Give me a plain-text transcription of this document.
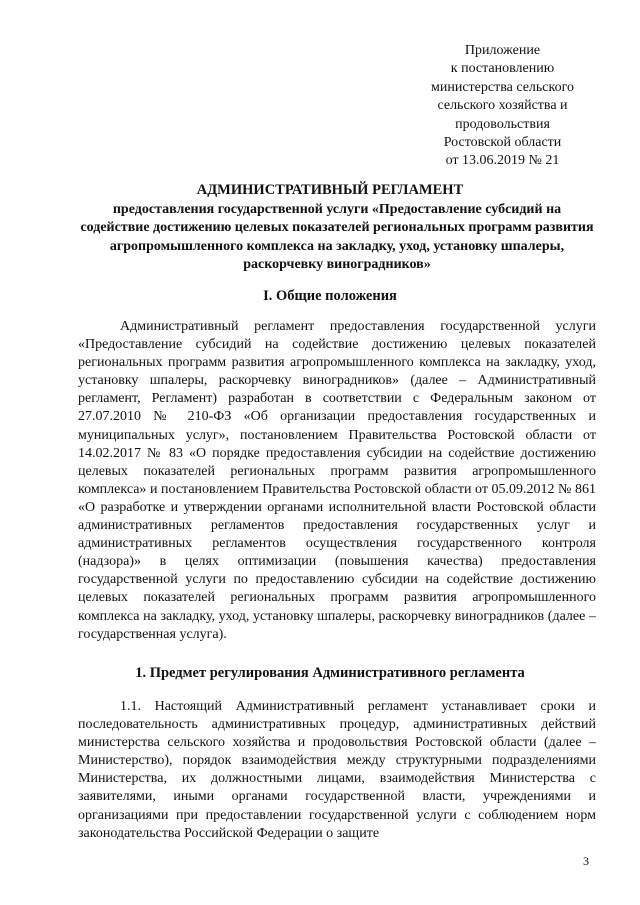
Приложение
к постановлению
министерства сельского
сельского хозяйства и
продовольствия
Ростовской области
от 13.06.2019 № 21
АДМИНИСТРАТИВНЫЙ РЕГЛАМЕНТ

предоставления государственной услуги «Предоставление субсидий на содействие достижению целевых показателей региональных программ развития агропромышленного комплекса на закладку, уход, установку шпалеры, раскорчевку виноградников»

I. Общие положения

Административный регламент предоставления государственной услуги «Предоставление субсидий на содействие достижению целевых показателей региональных программ развития агропромышленного комплекса на закладку, уход, установку шпалеры, раскорчевку виноградников» (далее – Административный регламент, Регламент) разработан в соответствии с Федеральным законом от 27.07.2010 № 210-ФЗ «Об организации предоставления государственных и муниципальных услуг», постановлением Правительства Ростовской области от 14.02.2017 № 83 «О порядке предоставления субсидии на содействие достижению целевых показателей региональных программ развития агропромышленного комплекса» и постановлением Правительства Ростовской области от 05.09.2012 № 861 «О разработке и утверждении органами исполнительной власти Ростовской области административных регламентов предоставления государственных услуг и административных регламентов осуществления государственного контроля (надзора)» в целях оптимизации (повышения качества) предоставления государственной услуги по предоставлению субсидии на содействие достижению целевых показателей региональных программ развития агропромышленного комплекса на закладку, уход, установку шпалеры, раскорчевку виноградников (далее – государственная услуга).

1. Предмет регулирования Административного регламента

1.1. Настоящий Административный регламент устанавливает сроки и последовательность административных процедур, административных действий министерства сельского хозяйства и продовольствия Ростовской области (далее – Министерство), порядок взаимодействия между структурными подразделениями Министерства, их должностными лицами, взаимодействия Министерства с заявителями, иными органами государственной власти, учреждениями и организациями при предоставлении государственной услуги с соблюдением норм законодательства Российской Федерации о защите

3
